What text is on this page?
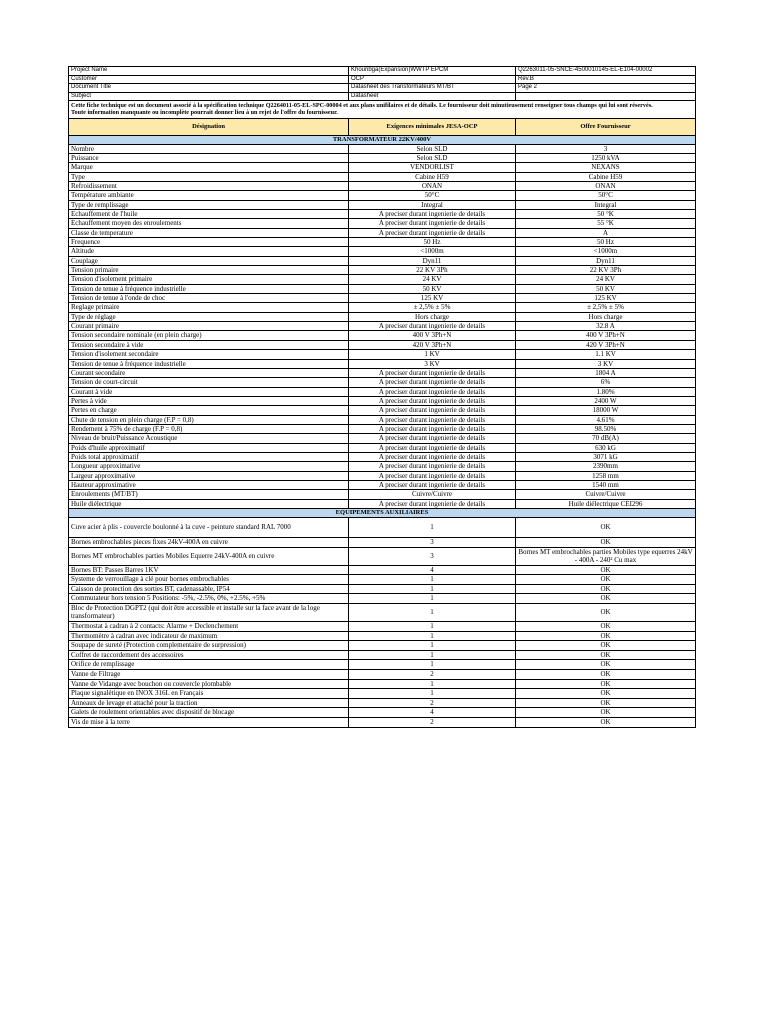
Project Name	Khouribga(Expansion)WWTP EPCM	Q2263011-05-SNCE-4500010145-EL-E104-00002
Customer	OCP	Rev.B
Document Title	Datasheet des Transformateurs MT/BT	Page 2
Subject	Datasheet	

Cette fiche technique est un document associé à la spécification technique Q2264011-05-EL-SPC-00004 et aux plans unifilaires et de détails. Le fournisseur doit minutieusement renseigner tous champs qui lui sont réservés.
Toute information manquante ou incomplète pourrait donner lieu à un rejet de l'offre du fournisseur.		

Désignation	Exigences minimales JESA-OCP	Offre Fournisseur
TRANSFORMATEUR 22KV/400V		
Nombre	Selon SLD	3
Puissance	Selon SLD	1250 kVA
Marque	VENDORLIST	NEXANS
Type	Cabine H59	Cabine H59
Refroidissement	ONAN	ONAN
Température ambiante	50°C	50°C
Type de remplissage	Integral	Integral
Echauffement de l'huile	A preciser durant ingenierie de details	50 °K
Echauffement moyen des enroulements	A preciser durant ingenierie de details	55 °K
Classe de temperature	A preciser durant ingenierie de details	A
Frequence	50 Hz	50 Hz
Altitude	<1000m	<1000m
Couplage	Dyn11	Dyn11
Tension primaire	22 KV 3Ph	22 KV 3Ph
Tension d'isolement primaire	24 KV	24 KV
Tension de tenue à fréquence industrielle	50 KV	50 KV
Tension de tenue à l'onde de choc	125 KV	125 KV
Reglage primaire	± 2,5% ± 5%	± 2,5% ± 5%
Type de réglage	Hors charge	Hors charge
Courant primaire	A preciser durant ingenierie de details	32.8 A
Tension secondaire nominale (en plein charge)	400 V 3Ph+N	400 V 3Ph+N
Tension secondaire à vide	420 V 3Ph+N	420 V 3Ph+N
Tension d'isolement secondaire	1 KV	1.1 KV
Tension de tenue à fréquence industrielle	3 KV	3 KV
Courant secondaire	A preciser durant ingenierie de details	1804 A
Tension de court-circuit	A preciser durant ingenierie de details	6%
Courant à vide	A preciser durant ingenierie de details	1.80%
Pertes à vide	A preciser durant ingenierie de details	2400 W
Pertes en charge	A preciser durant ingenierie de details	18000 W
Chute de tension en plein charge (F.P = 0,8)	A preciser durant ingenierie de details	4.61%
Rendement à 75% de charge (F.P = 0,8)	A preciser durant ingenierie de details	98.50%
Niveau de bruit/Puissance Acoustique	A preciser durant ingenierie de details	70 dB(A)
Poids d'huile approximatif	A preciser durant ingenierie de details	630 kG
Poids total approximatif	A preciser durant ingenierie de details	3071 kG
Longueur approximative	A preciser durant ingenierie de details	2390mm
Largeur approximative	A preciser durant ingenierie de details	1258 mm
Hauteur approximative	A preciser durant ingenierie de details	1540 mm
Enroulements (MT/BT)	Cuivre/Cuivre	Cuivre/Cuivre
Huile diélectrique	A preciser durant ingenierie de details	Huile diélectrique CEI296
EQUIPEMENTS AUXILIAIRES		
Cuve acier à plis - couvercle boulonné à la cuve - peinture standard RAL 7000	1	OK
Bornes embrochables pieces fixes 24kV-400A en cuivre	3	OK
Bornes MT embrochables parties Mobiles Equerre 24kV-400A en cuivre	3	Bornes MT embrochables parties Mobiles type equerres 24kV - 400A - 240² Cu max
Bornes BT: Passes Barres 1KV	4	OK
Systeme de verrouillage à clé pour bornes embrochables	1	OK
Caisson de protection des sorties BT, cadenassable, IP54	1	OK
Commutateur hors tension 5 Positions: -5%, -2.5%, 0%, +2.5%, +5%	1	OK
Bloc de Protection DGPT2 (qui doit être accessible et installe sur la face avant de la loge transformateur)	1	OK
Thermostat à cadran à 2 contacts: Alarme + Declenchement	1	OK
Thermomètre à cadran avec indicateur de maximum	1	OK
Soupape de sureté (Protection complementaire de surpression)	1	OK
Coffret de raccordement des accessoires	1	OK
Orifice de remplissage	1	OK
Vanne de Filtrage	2	OK
Vanne de Vidange avec bouchon ou couvercle plombable	1	OK
Plaque signalétique en INOX 316L en Français	1	OK
Anneaux de levage et attaché pour la traction	2	OK
Galets de roulement orientables avec dispositif de blocage	4	OK
Vis de mise à la terre	2	OK
